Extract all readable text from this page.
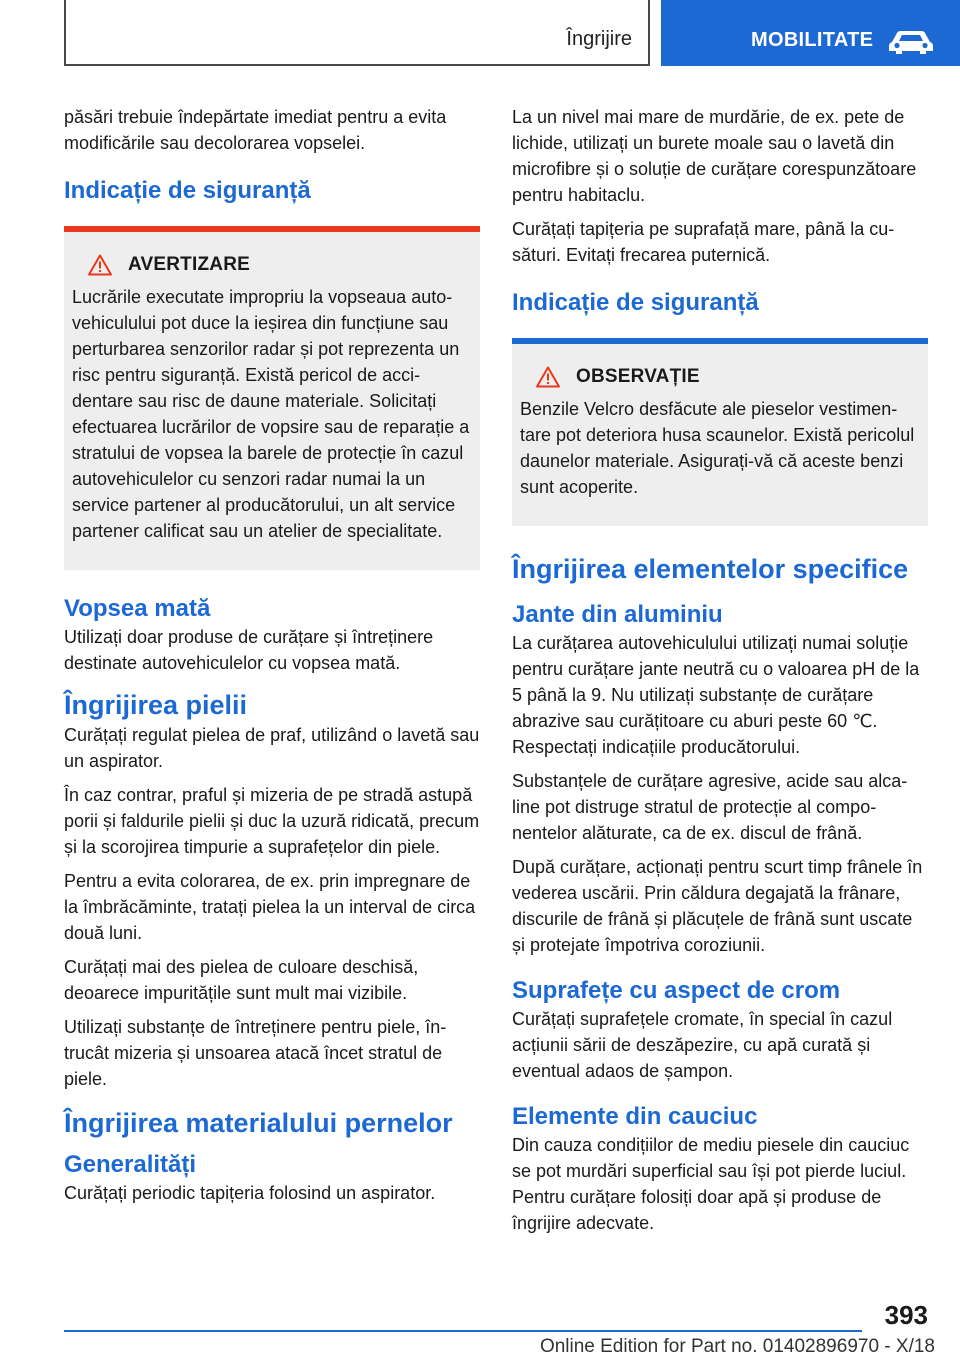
Îngrijire	MOBILITATE

păsări trebuie îndepărtate imediat pentru a evita modificările sau decolorarea vopselei.

Indicație de siguranță
AVERTIZARE

Lucrările executate impropriu la vopseaua autovehiculului pot duce la ieșirea din funcțiune sau perturbarea senzorilor radar și pot reprezenta un risc pentru siguranță. Există pericol de accidentare sau risc de daune materiale. Solicitați efectuarea lucrărilor de vopsire sau de reparație a stratului de vopsea la barele de protecție în cazul autovehiculelor cu senzori radar numai la un service partener al producătorului, un alt service partener calificat sau un atelier de specialitate.

Vopsea mată

Utilizați doar produse de curățare și întreținere destinate autovehiculelor cu vopsea mată.

Îngrijirea pielii

Curățați regulat pielea de praf, utilizând o lavetă sau un aspirator.

În caz contrar, praful și mizeria de pe stradă astupă porii și faldurile pielii și duc la uzură ridicată, precum și la scorojirea timpurie a suprafețelor din piele.

Pentru a evita colorarea, de ex. prin impregnare de la îmbrăcăminte, tratați pielea la un interval de circa două luni.

Curățați mai des pielea de culoare deschisă, deoarece impuritățile sunt mult mai vizibile.

Utilizați substanțe de întreținere pentru piele, întrucât mizeria și unsoarea atacă încet stratul de piele.

Îngrijirea materialului pernelor
Generalități

Curățați periodic tapițeria folosind un aspirator.

La un nivel mai mare de murdărie, de ex. pete de lichide, utilizați un burete moale sau o lavetă din microfibre și o soluție de curățare corespunzătoare pentru habitaclu.

Curățați tapițeria pe suprafață mare, până la cusături. Evitați frecarea puternică.

Indicație de siguranță
OBSERVAȚIE

Benzile Velcro desfăcute ale pieselor vestimentare pot deteriora husa scaunelor. Există pericolul daunelor materiale. Asigurați-vă că aceste benzi sunt acoperite.

Îngrijirea elementelor specifice
Jante din aluminiu

La curățarea autovehiculului utilizați numai soluție pentru curățare jante neutră cu o valoarea pH de la 5 până la 9. Nu utilizați substanțe de curățare abrazive sau curățitoare cu aburi peste 60 ℃. Respectați indicațiile producătorului.

Substanțele de curățare agresive, acide sau alcaline pot distruge stratul de protecție al componentelor alăturate, ca de ex. discul de frână.

După curățare, acționați pentru scurt timp frânele în vederea uscării. Prin căldura degajată la frânare, discurile de frână și plăcuțele de frână sunt uscate și protejate împotriva coroziunii.

Suprafețe cu aspect de crom

Curățați suprafețele cromate, în special în cazul acțiunii sării de deszăpezire, cu apă curată și eventual adaos de șampon.

Elemente din cauciuc

Din cauza condițiilor de mediu piesele din cauciuc se pot murdări superficial sau își pot pierde luciul. Pentru curățare folosiți doar apă și produse de îngrijire adecvate.

393
Online Edition for Part no. 01402896970 - X/18
